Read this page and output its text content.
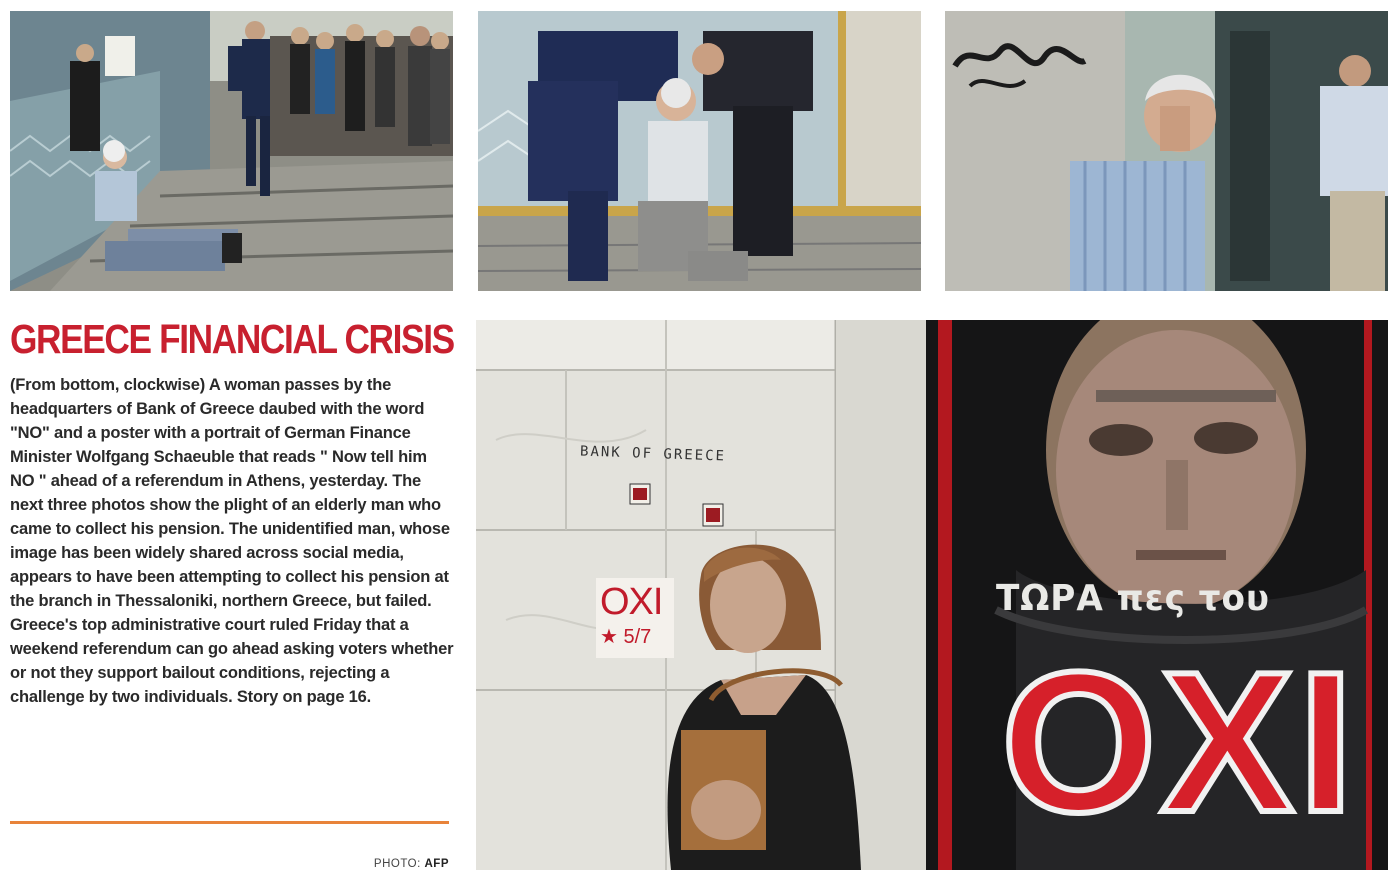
BANK OF GREECE
OXI
★ 5/7
ΤΩΡΑ πες του
OXI
GREECE FINANCIAL CRISIS

(From bottom, clockwise) A woman passes by the headquarters of Bank of Greece daubed with the word "NO" and a poster with a portrait of German Finance Minister Wolfgang Schaeuble that reads " Now tell him NO " ahead of a referendum in Athens, yesterday. The next three photos show the plight of an elderly man who came to collect his pension. The unidentified man, whose image has been widely shared across social media, appears to have been attempting to collect his pension at the branch in Thessaloniki, northern Greece, but failed. Greece's top administrative court ruled Friday that a weekend referendum can go ahead asking voters whether or not they support bailout conditions, rejecting a challenge by two individuals. Story on page 16.

PHOTO: AFP
